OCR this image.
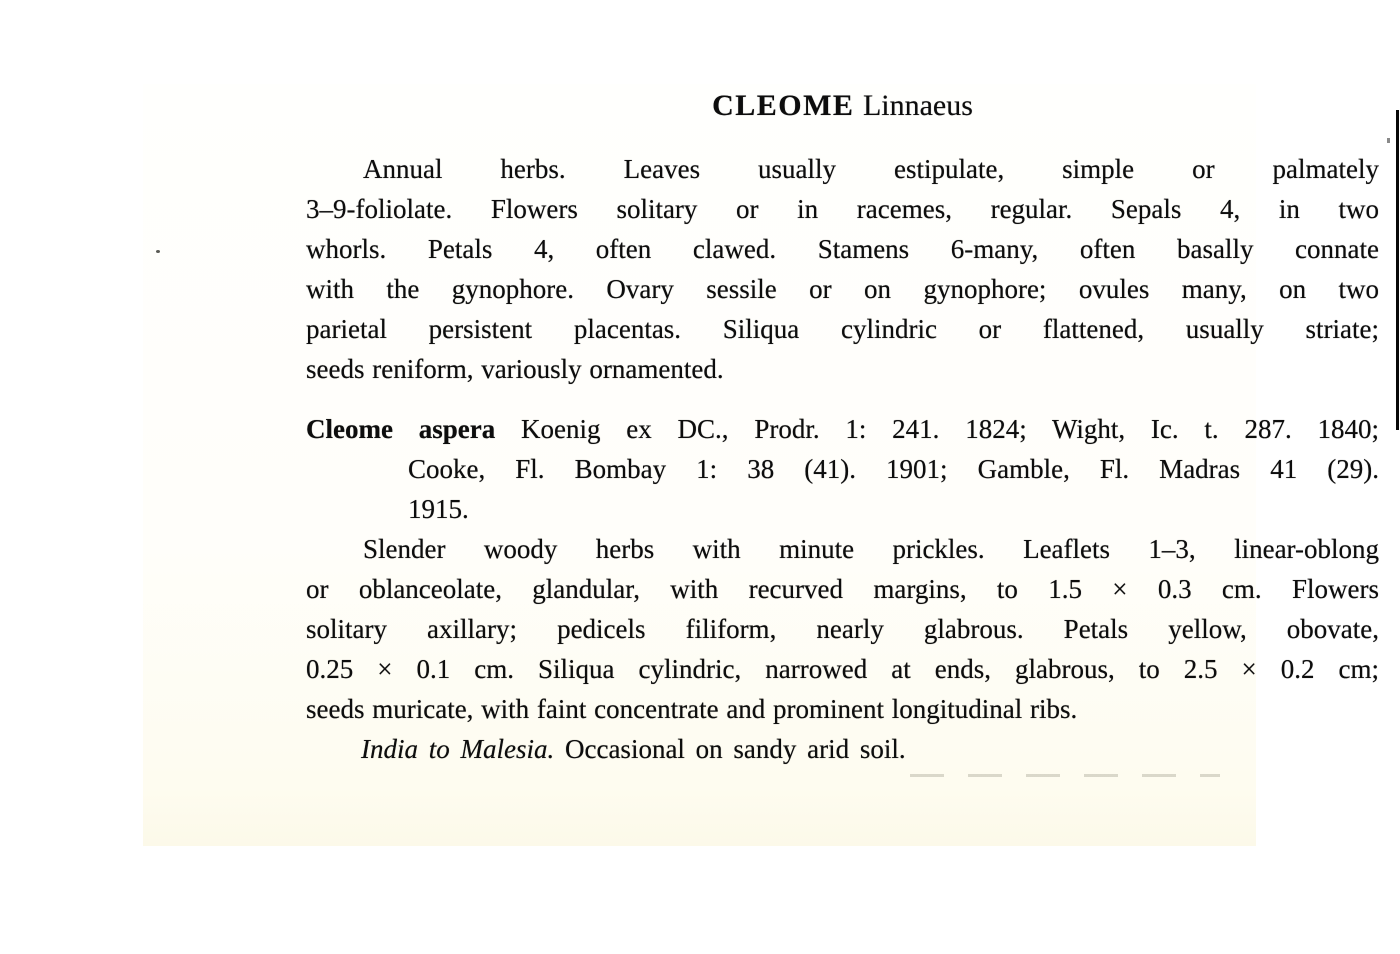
CLEOME Linnaeus
Annual herbs. Leaves usually estipulate, simple or palmately
3–9-foliolate. Flowers solitary or in racemes, regular. Sepals 4, in two
whorls. Petals 4, often clawed. Stamens 6-many, often basally connate
with the gynophore. Ovary sessile or on gynophore; ovules many, on two
parietal persistent placentas. Siliqua cylindric or flattened, usually striate;
seeds reniform, variously ornamented.
Cleome aspera Koenig ex DC., Prodr. 1: 241. 1824; Wight, Ic. t. 287. 1840;
Cooke, Fl. Bombay 1: 38 (41). 1901; Gamble, Fl. Madras 41 (29).
1915.
Slender woody herbs with minute prickles. Leaflets 1–3, linear-oblong
or oblanceolate, glandular, with recurved margins, to 1.5 × 0.3 cm. Flowers
solitary axillary; pedicels filiform, nearly glabrous. Petals yellow, obovate,
0.25 × 0.1 cm. Siliqua cylindric, narrowed at ends, glabrous, to 2.5 × 0.2 cm;
seeds muricate, with faint concentrate and prominent longitudinal ribs.
India to Malesia. Occasional on sandy arid soil.
